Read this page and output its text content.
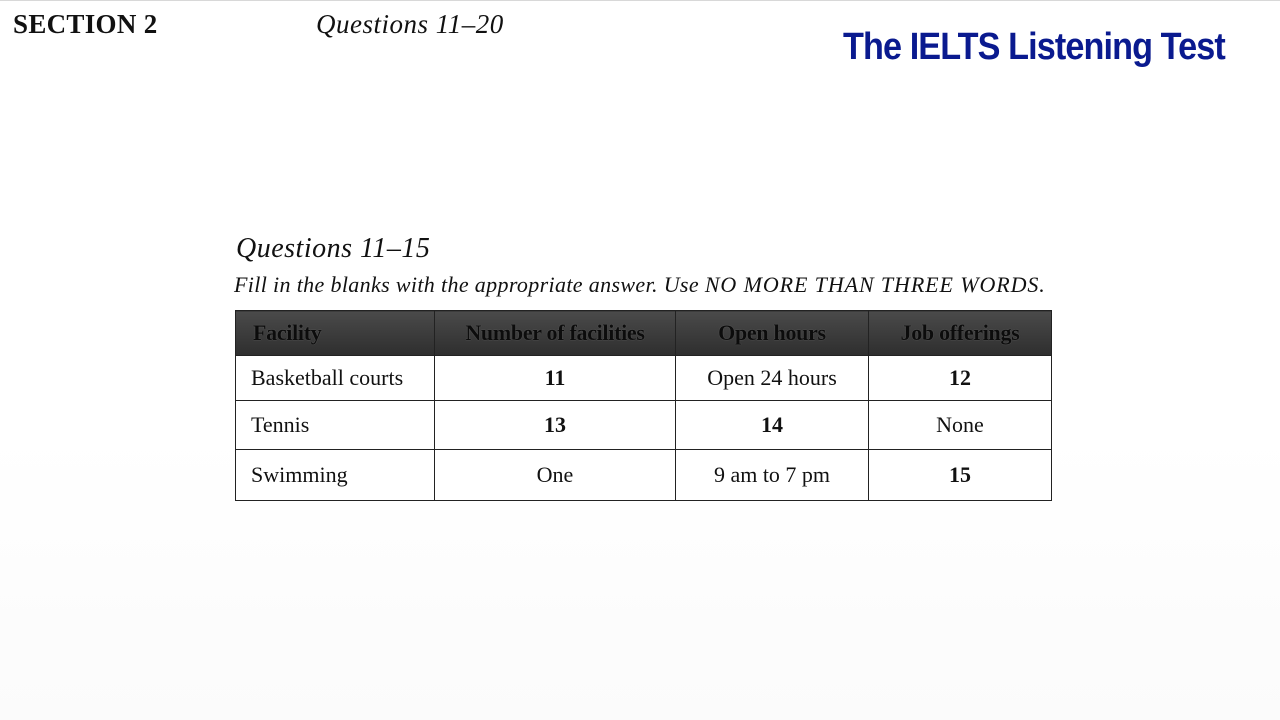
SECTION 2	Questions 11–20
The IELTS Listening Test
Questions 11–15
Fill in the blanks with the appropriate answer. Use NO MORE THAN THREE WORDS.
Facility	Number of facilities	Open hours	Job offerings
Basketball courts	11	Open 24 hours	12
Tennis	13	14	None
Swimming	One	9 am to 7 pm	15
